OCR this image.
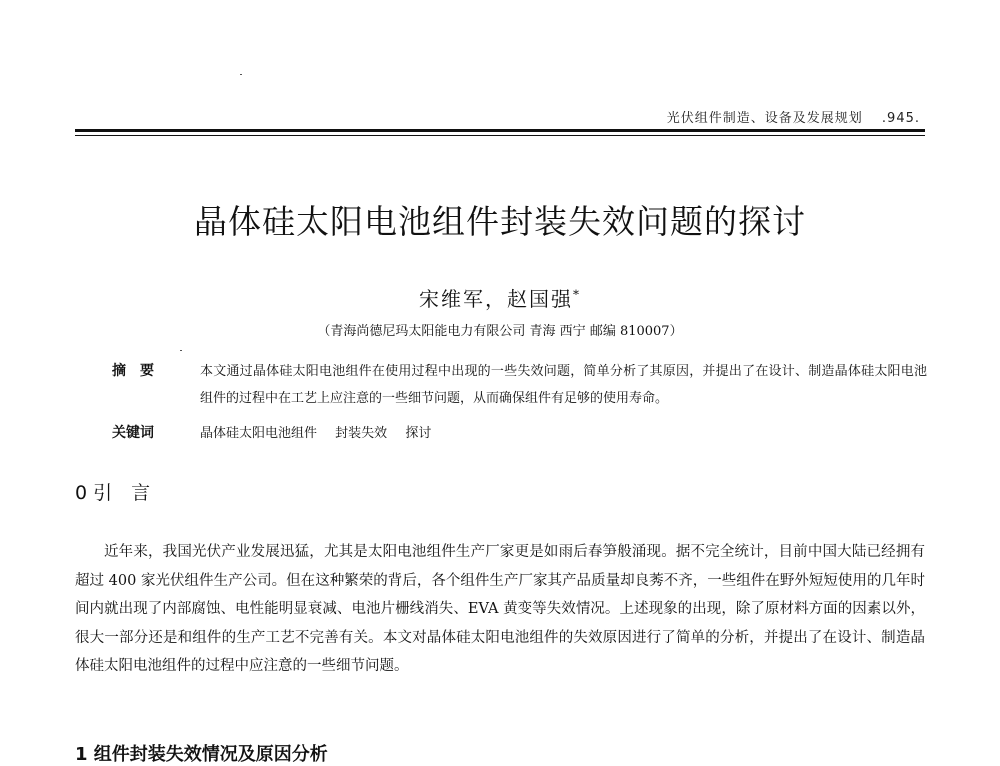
光伏组件制造、设备及发展规划 .945.
晶体硅太阳电池组件封装失效问题的探讨
宋维军，赵国强*
（青海尚德尼玛太阳能电力有限公司 青海 西宁 邮编 810007）
摘　要	本文通过晶体硅太阳电池组件在使用过程中出现的一些失效问题，简单分析了其原因，并提出了在设计、制造晶体硅太阳电池组件的过程中在工艺上应注意的一些细节问题，从而确保组件有足够的使用寿命。
关键词	晶体硅太阳电池组件 封装失效 探讨
0 引　言
近年来，我国光伏产业发展迅猛，尤其是太阳电池组件生产厂家更是如雨后春笋般涌现。据不完全统计，目前中国大陆已经拥有超过 400 家光伏组件生产公司。但在这种繁荣的背后，各个组件生产厂家其产品质量却良莠不齐，一些组件在野外短短使用的几年时间内就出现了内部腐蚀、电性能明显衰减、电池片栅线消失、EVA 黄变等失效情况。上述现象的出现，除了原材料方面的因素以外，很大一部分还是和组件的生产工艺不完善有关。本文对晶体硅太阳电池组件的失效原因进行了简单的分析，并提出了在设计、制造晶体硅太阳电池组件的过程中应注意的一些细节问题。
1 组件封装失效情况及原因分析
